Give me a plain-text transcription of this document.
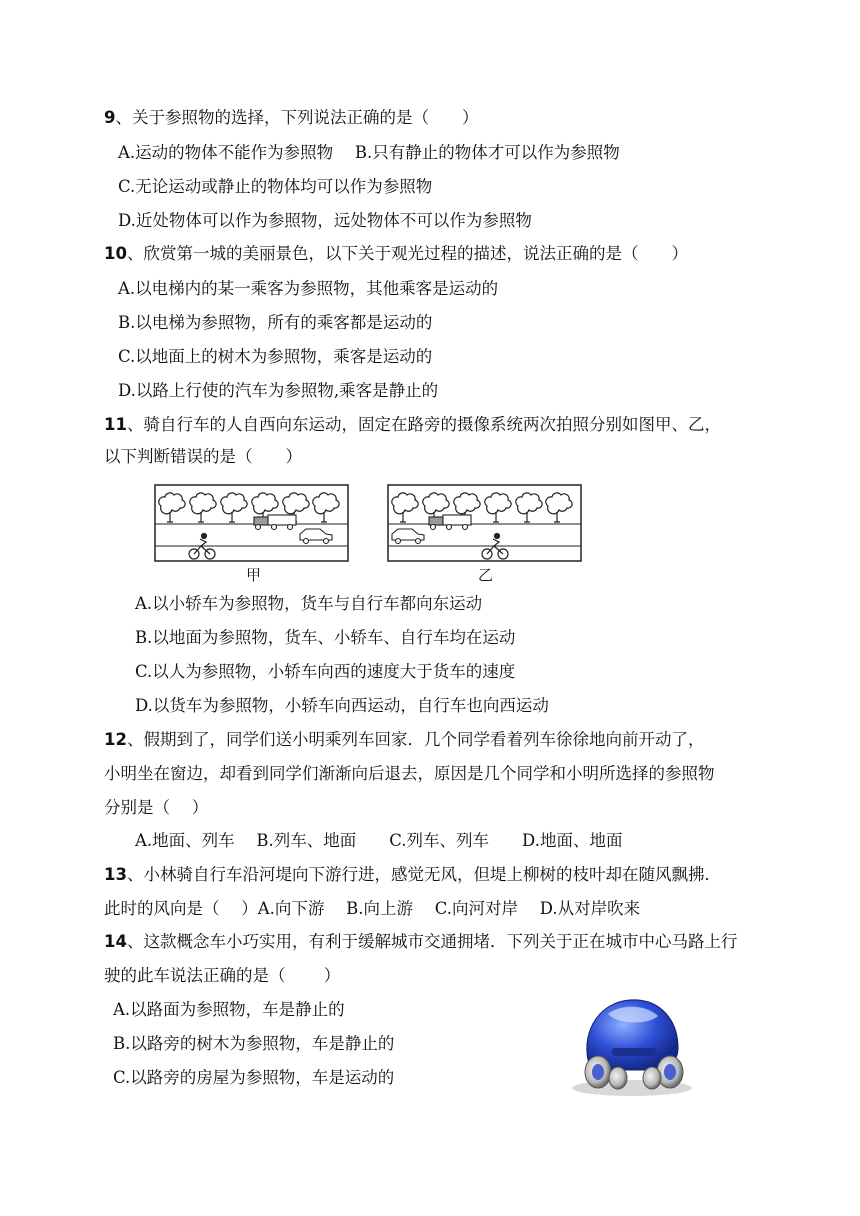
9、关于参照物的选择，下列说法正确的是（　　）
A.运动的物体不能作为参照物　 B.只有静止的物体才可以作为参照物
C.无论运动或静止的物体均可以作为参照物
D.近处物体可以作为参照物，远处物体不可以作为参照物
10、欣赏第一城的美丽景色，以下关于观光过程的描述，说法正确的是（　　）
A.以电梯内的某一乘客为参照物，其他乘客是运动的
B.以电梯为参照物，所有的乘客都是运动的
C.以地面上的树木为参照物，乘客是运动的
D.以路上行使的汽车为参照物,乘客是静止的
11、骑自行车的人自西向东运动，固定在路旁的摄像系统两次拍照分别如图甲、乙，
以下判断错误的是（　　）
甲	乙
A.以小轿车为参照物，货车与自行车都向东运动
B.以地面为参照物，货车、小轿车、自行车均在运动
C.以人为参照物，小轿车向西的速度大于货车的速度
D.以货车为参照物，小轿车向西运动，自行车也向西运动
12、假期到了，同学们送小明乘列车回家．几个同学看着列车徐徐地向前开动了，
小明坐在窗边，却看到同学们渐渐向后退去，原因是几个同学和小明所选择的参照物
分别是（　 ）
A.地面、列车　 B.列车、地面　　C.列车、列车　　D.地面、地面
13、小林骑自行车沿河堤向下游行进，感觉无风，但堤上柳树的枝叶却在随风飘拂．
此时的风向是（　 ）A.向下游　 B.向上游　 C.向河对岸　 D.从对岸吹来
14、这款概念车小巧实用，有利于缓解城市交通拥堵．下列关于正在城市中心马路上行
驶的此车说法正确的是（　　 ）
A.以路面为参照物，车是静止的
B.以路旁的树木为参照物，车是静止的
C.以路旁的房屋为参照物，车是运动的
